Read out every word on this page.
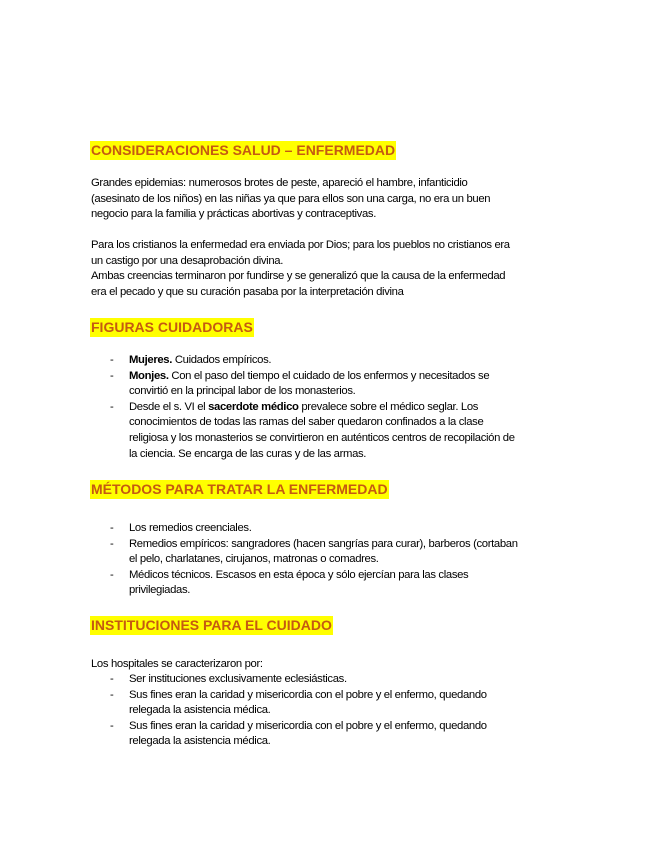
CONSIDERACIONES SALUD – ENFERMEDAD

Grandes epidemias: numerosos brotes de peste, apareció el hambre, infanticidio
(asesinato de los niños) en las niñas ya que para ellos son una carga, no era un buen
negocio para la familia y prácticas abortivas y contraceptivas.

Para los cristianos la enfermedad era enviada por Dios; para los pueblos no cristianos era
un castigo por una desaprobación divina.
Ambas creencias terminaron por fundirse y se generalizó que la causa de la enfermedad
era el pecado y que su curación pasaba por la interpretación divina

FIGURAS CUIDADORAS
- Mujeres. Cuidados empíricos.
- Monjes. Con el paso del tiempo el cuidado de los enfermos y necesitados se
convirtió en la principal labor de los monasterios.
- Desde el s. VI el sacerdote médico prevalece sobre el médico seglar. Los
conocimientos de todas las ramas del saber quedaron confinados a la clase
religiosa y los monasterios se convirtieron en auténticos centros de recopilación de
la ciencia. Se encarga de las curas y de las armas.
MÉTODOS PARA TRATAR LA ENFERMEDAD
- Los remedios creenciales.
- Remedios empíricos: sangradores (hacen sangrías para curar), barberos (cortaban
el pelo, charlatanes, cirujanos, matronas o comadres.
- Médicos técnicos. Escasos en esta época y sólo ejercían para las clases
privilegiadas.
INSTITUCIONES PARA EL CUIDADO

Los hospitales se caracterizaron por:

- Ser instituciones exclusivamente eclesiásticas.
- Sus fines eran la caridad y misericordia con el pobre y el enfermo, quedando
relegada la asistencia médica.
- Sus fines eran la caridad y misericordia con el pobre y el enfermo, quedando
relegada la asistencia médica.
